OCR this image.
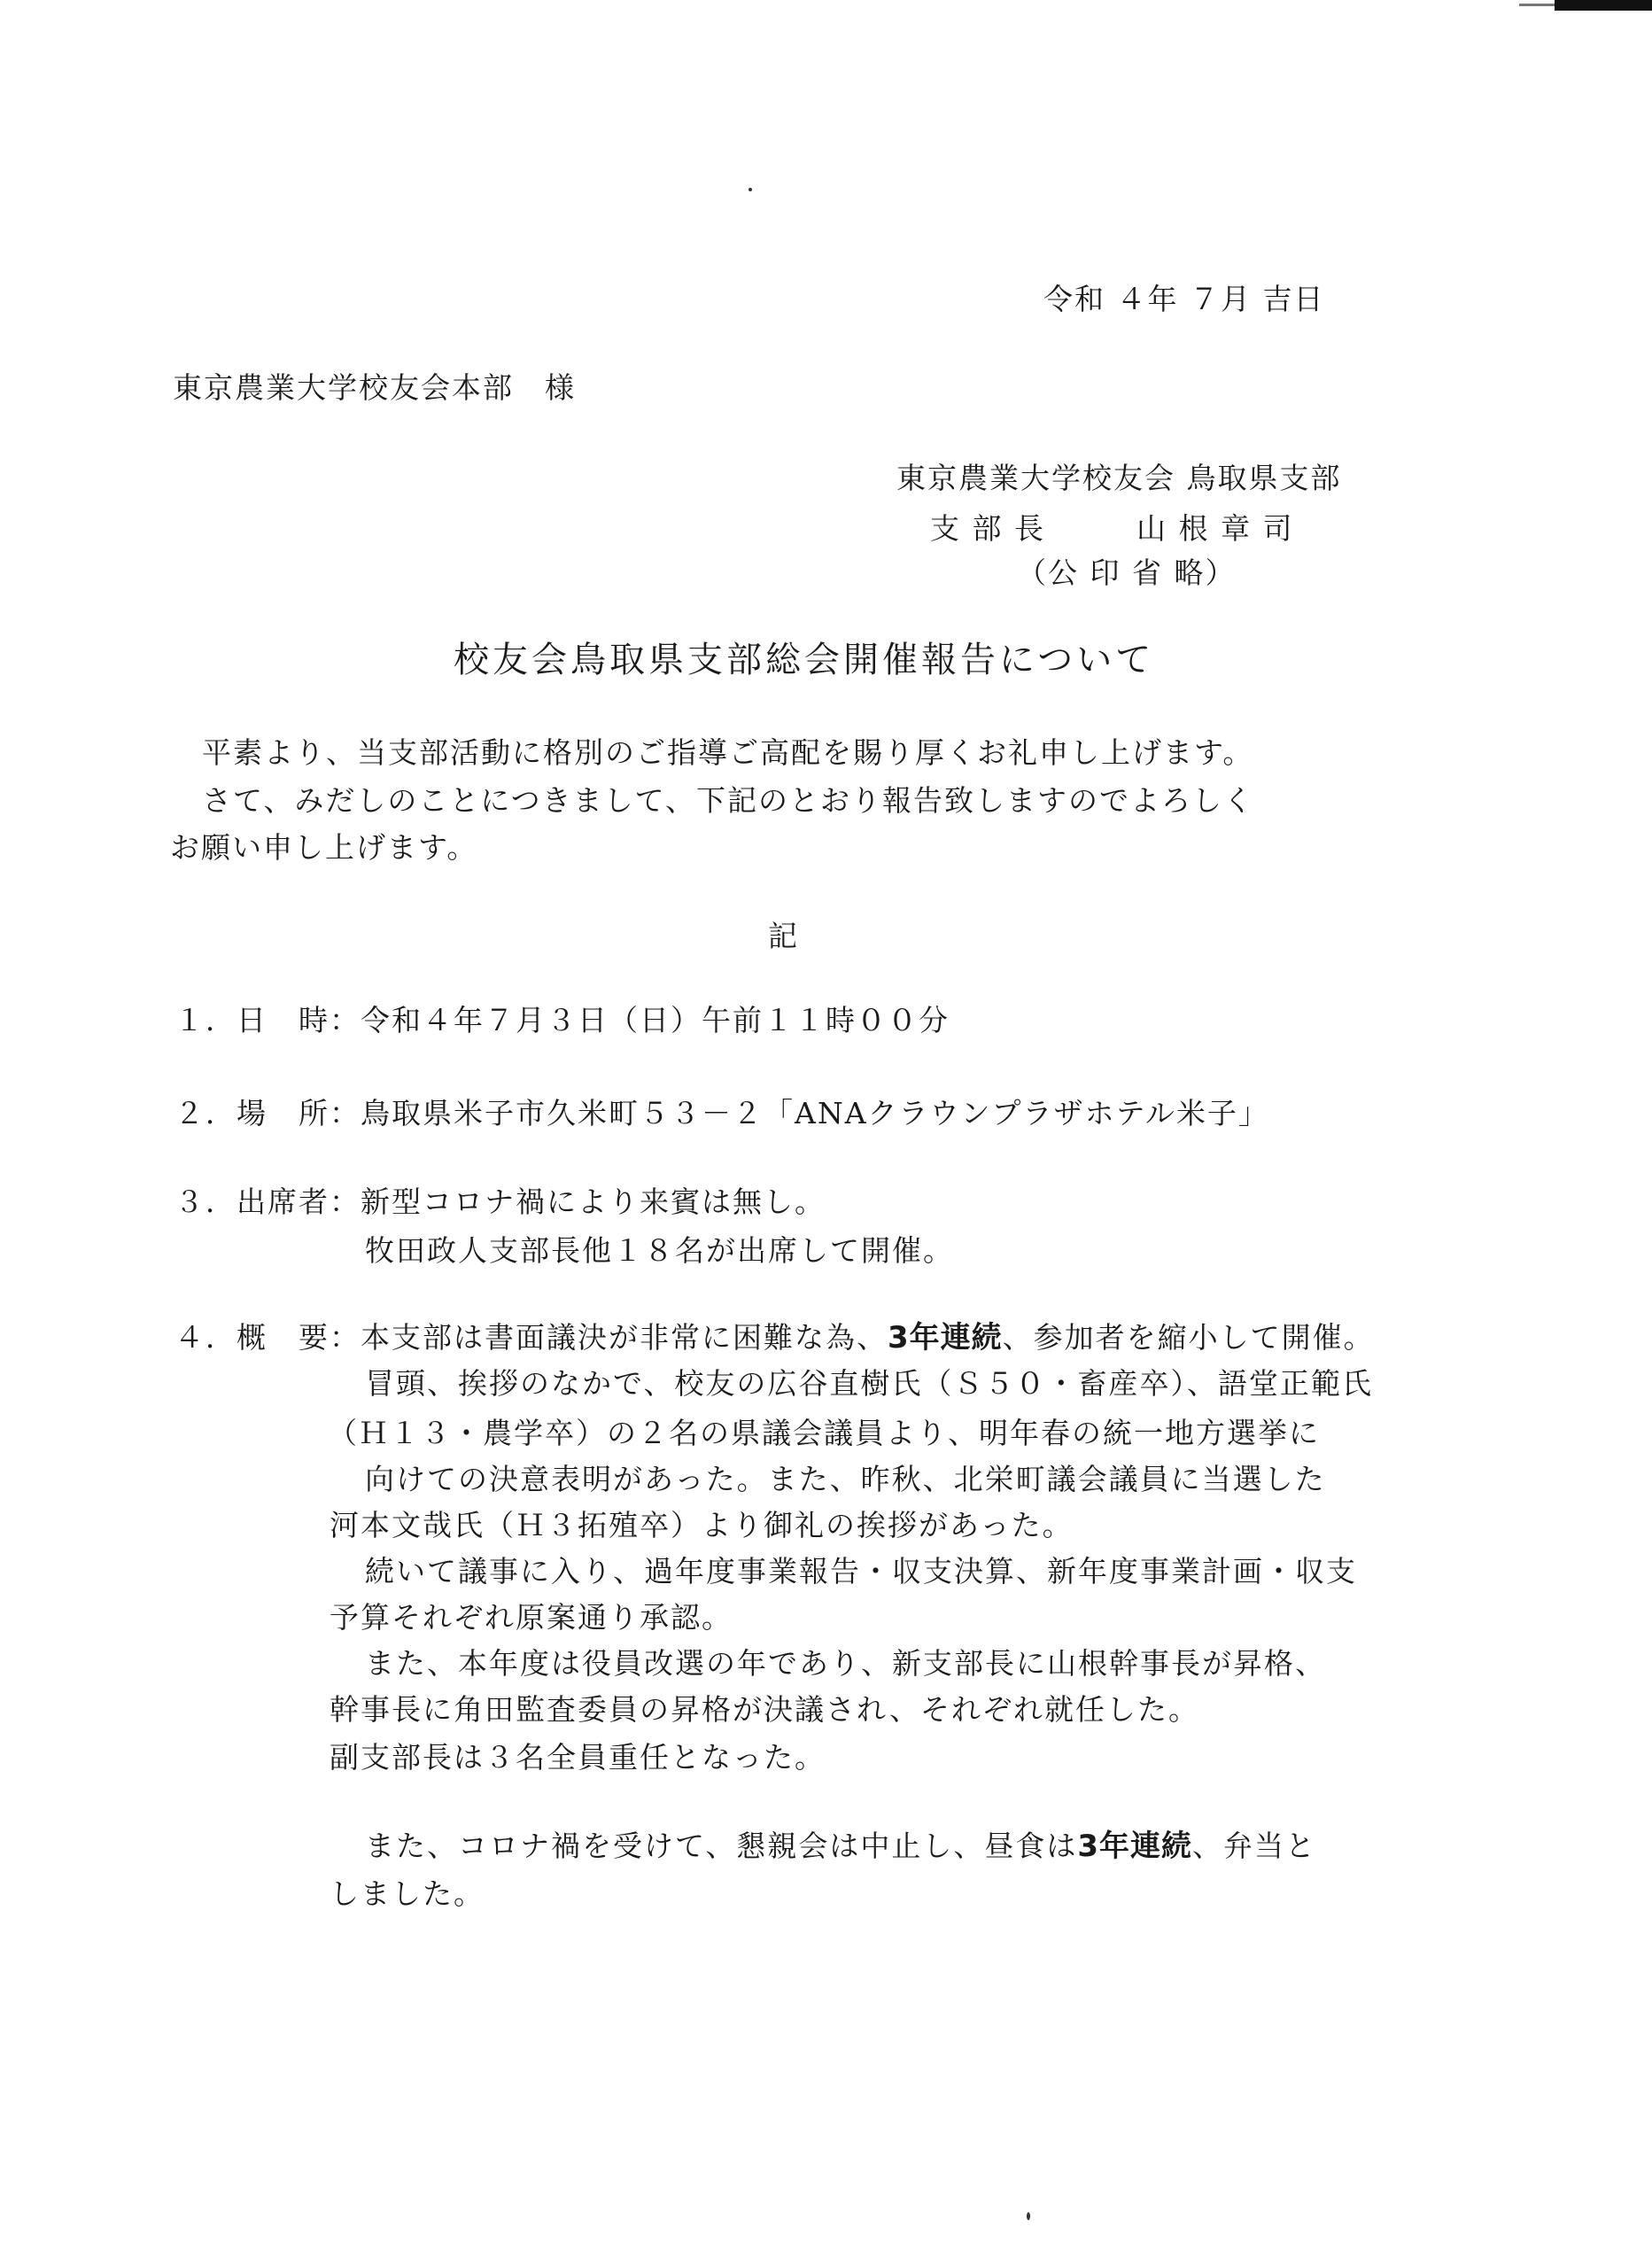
令和 ４年 ７月 吉日
東京農業大学校友会本部　様
東京農業大学校友会 鳥取県支部
支 部 長	山 根 章 司
（公 印 省 略）
校友会鳥取県支部総会開催報告について
平素より、当支部活動に格別のご指導ご高配を賜り厚くお礼申し上げます。
さて、みだしのことにつきまして、下記のとおり報告致しますのでよろしく
お願い申し上げます。
記
１．日　時：令和４年７月３日（日）午前１１時００分
２．場　所：鳥取県米子市久米町５３－２「ANAクラウンプラザホテル米子」
３．出席者：新型コロナ禍により来賓は無し。
牧田政人支部長他１８名が出席して開催。
４．概　要：本支部は書面議決が非常に困難な為、3年連続、参加者を縮小して開催。
冒頭、挨拶のなかで、校友の広谷直樹氏（Ｓ５０・畜産卒）、語堂正範氏
（Ｈ１３・農学卒）の２名の県議会議員より、明年春の統一地方選挙に
向けての決意表明があった。また、昨秋、北栄町議会議員に当選した
河本文哉氏（Ｈ３拓殖卒）より御礼の挨拶があった。
続いて議事に入り、過年度事業報告・収支決算、新年度事業計画・収支
予算それぞれ原案通り承認。
また、本年度は役員改選の年であり、新支部長に山根幹事長が昇格、
幹事長に角田監査委員の昇格が決議され、それぞれ就任した。
副支部長は３名全員重任となった。
また、コロナ禍を受けて、懇親会は中止し、昼食は3年連続、弁当と
しました。
